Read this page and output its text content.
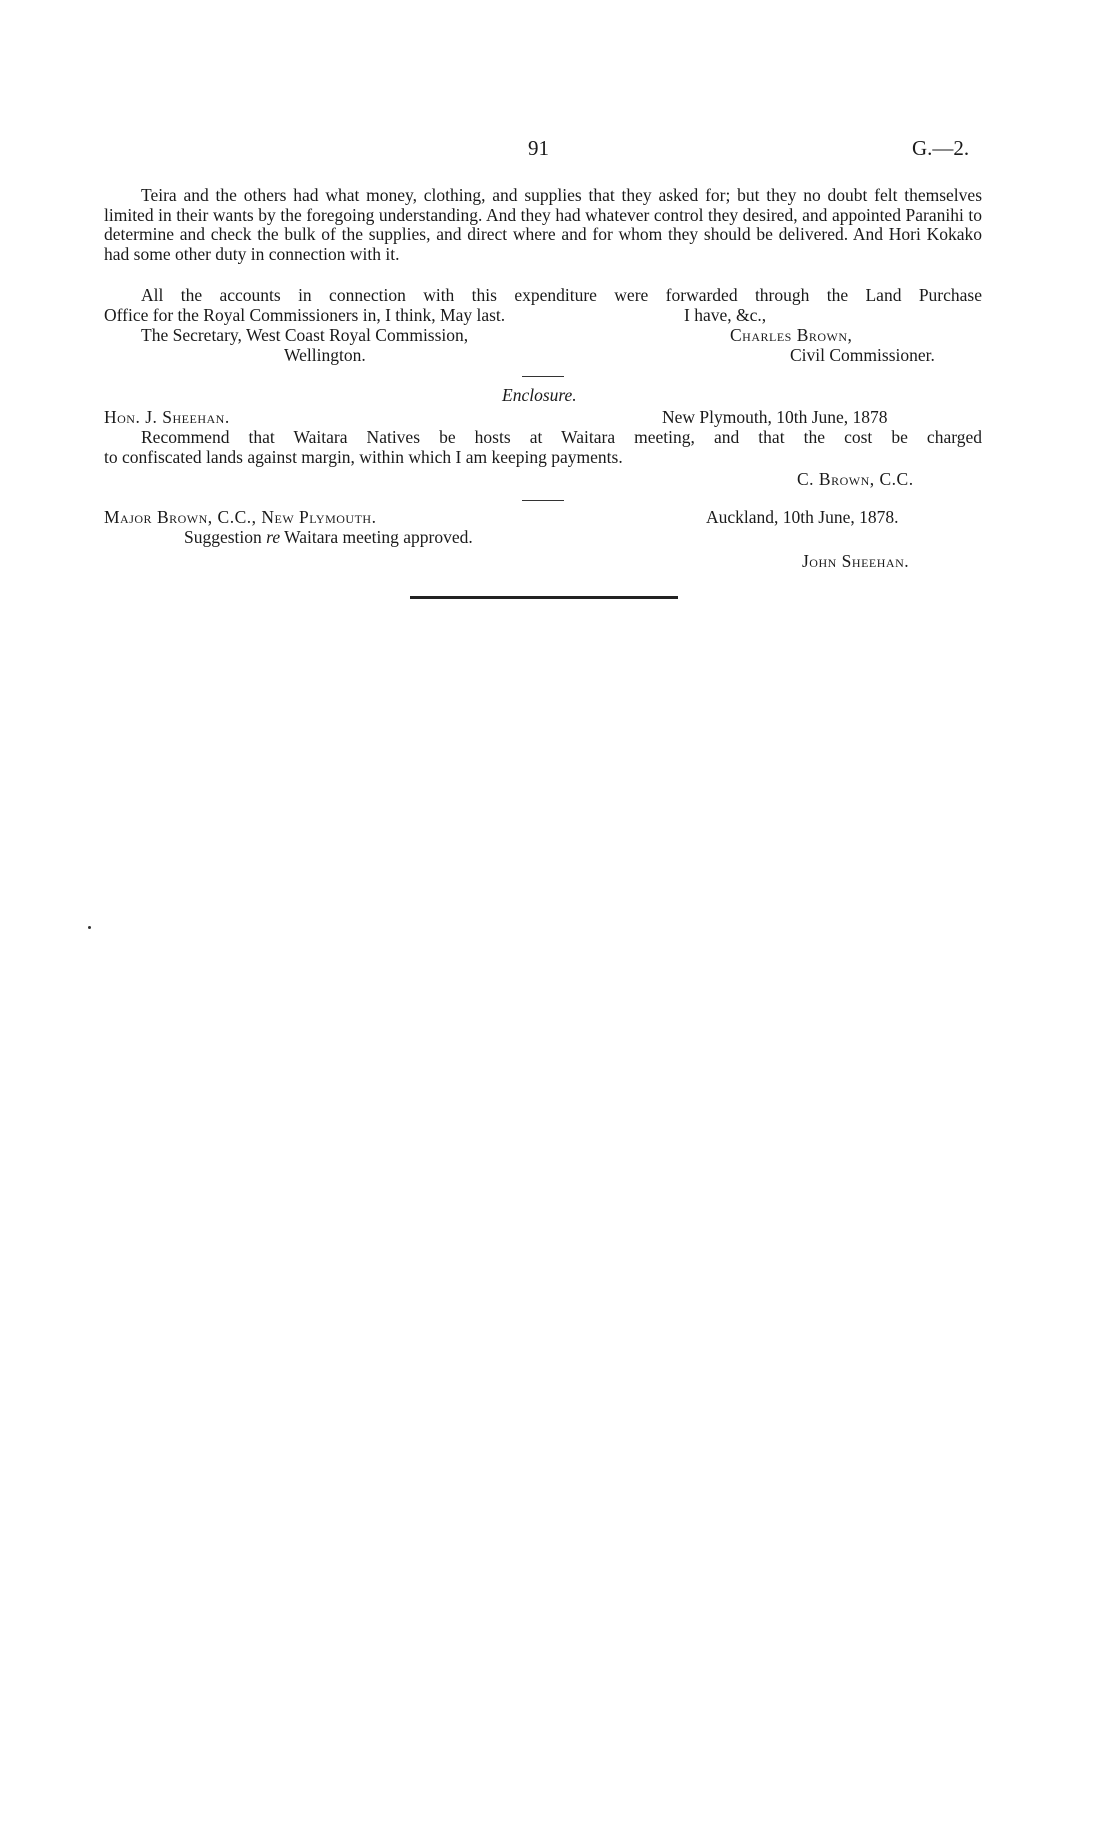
91	G.—2.
Teira and the others had what money, clothing, and supplies that they asked for; but they no doubt felt themselves limited in their wants by the foregoing understanding. And they had whatever control they desired, and appointed Paranihi to determine and check the bulk of the supplies, and direct where and for whom they should be delivered. And Hori Kokako had some other duty in connection with it.
All the accounts in connection with this expenditure were forwarded through the Land Purchase
Office for the Royal Commissioners in, I think, May last.	I have, &c.,
The Secretary, West Coast Royal Commission,	Charles Brown,
Wellington.	Civil Commissioner.
Enclosure.
Hon. J. Sheehan.	New Plymouth, 10th June, 1878
Recommend that Waitara Natives be hosts at Waitara meeting, and that the cost be charged
to confiscated lands against margin, within which I am keeping payments.
C. Brown, C.C.
Major Brown, C.C., New Plymouth.	Auckland, 10th June, 1878.
Suggestion re Waitara meeting approved.
John Sheehan.
